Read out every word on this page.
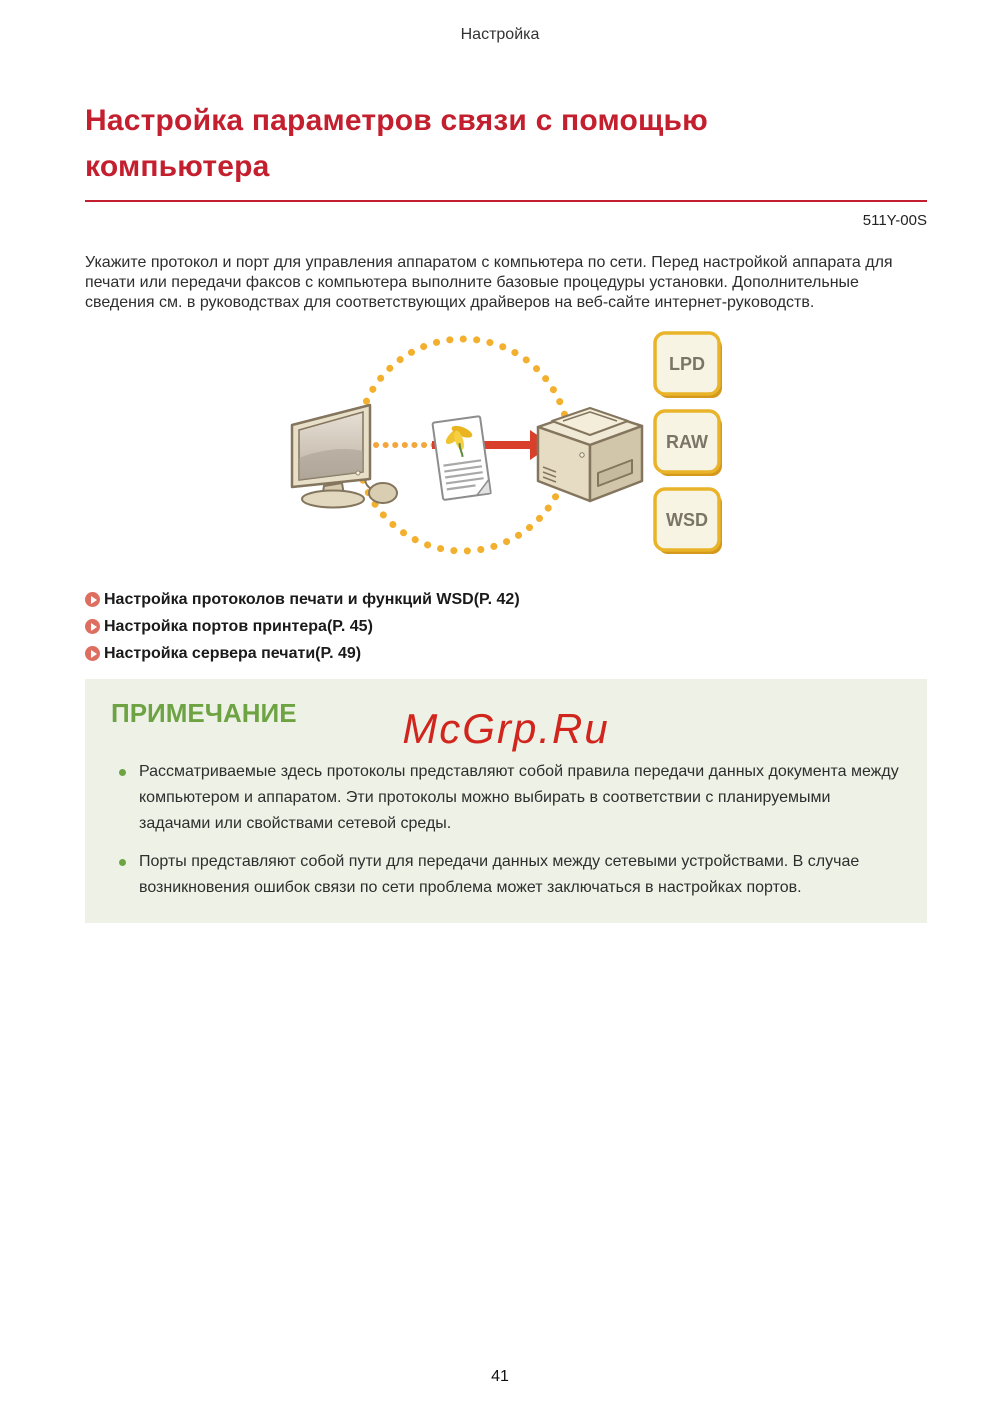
Настройка
Настройка параметров связи с помощью компьютера
511Y-00S

Укажите протокол и порт для управления аппаратом с компьютера по сети. Перед настройкой аппарата для печати или передачи факсов с компьютера выполните базовые процедуры установки. Дополнительные сведения см. в руководствах для соответствующих драйверов на веб-сайте интернет-руководств.

LPD
RAW
WSD
Настройка протоколов печати и функций WSD(P. 42)
Настройка портов принтера(P. 45)
Настройка сервера печати(P. 49)
ПРИМЕЧАНИЕ	McGrp.Ru
Рассматриваемые здесь протоколы представляют собой правила передачи данных документа между компьютером и аппаратом. Эти протоколы можно выбирать в соответствии с планируемыми задачами или свойствами сетевой среды.
Порты представляют собой пути для передачи данных между сетевыми устройствами. В случае возникновения ошибок связи по сети проблема может заключаться в настройках портов.
41
